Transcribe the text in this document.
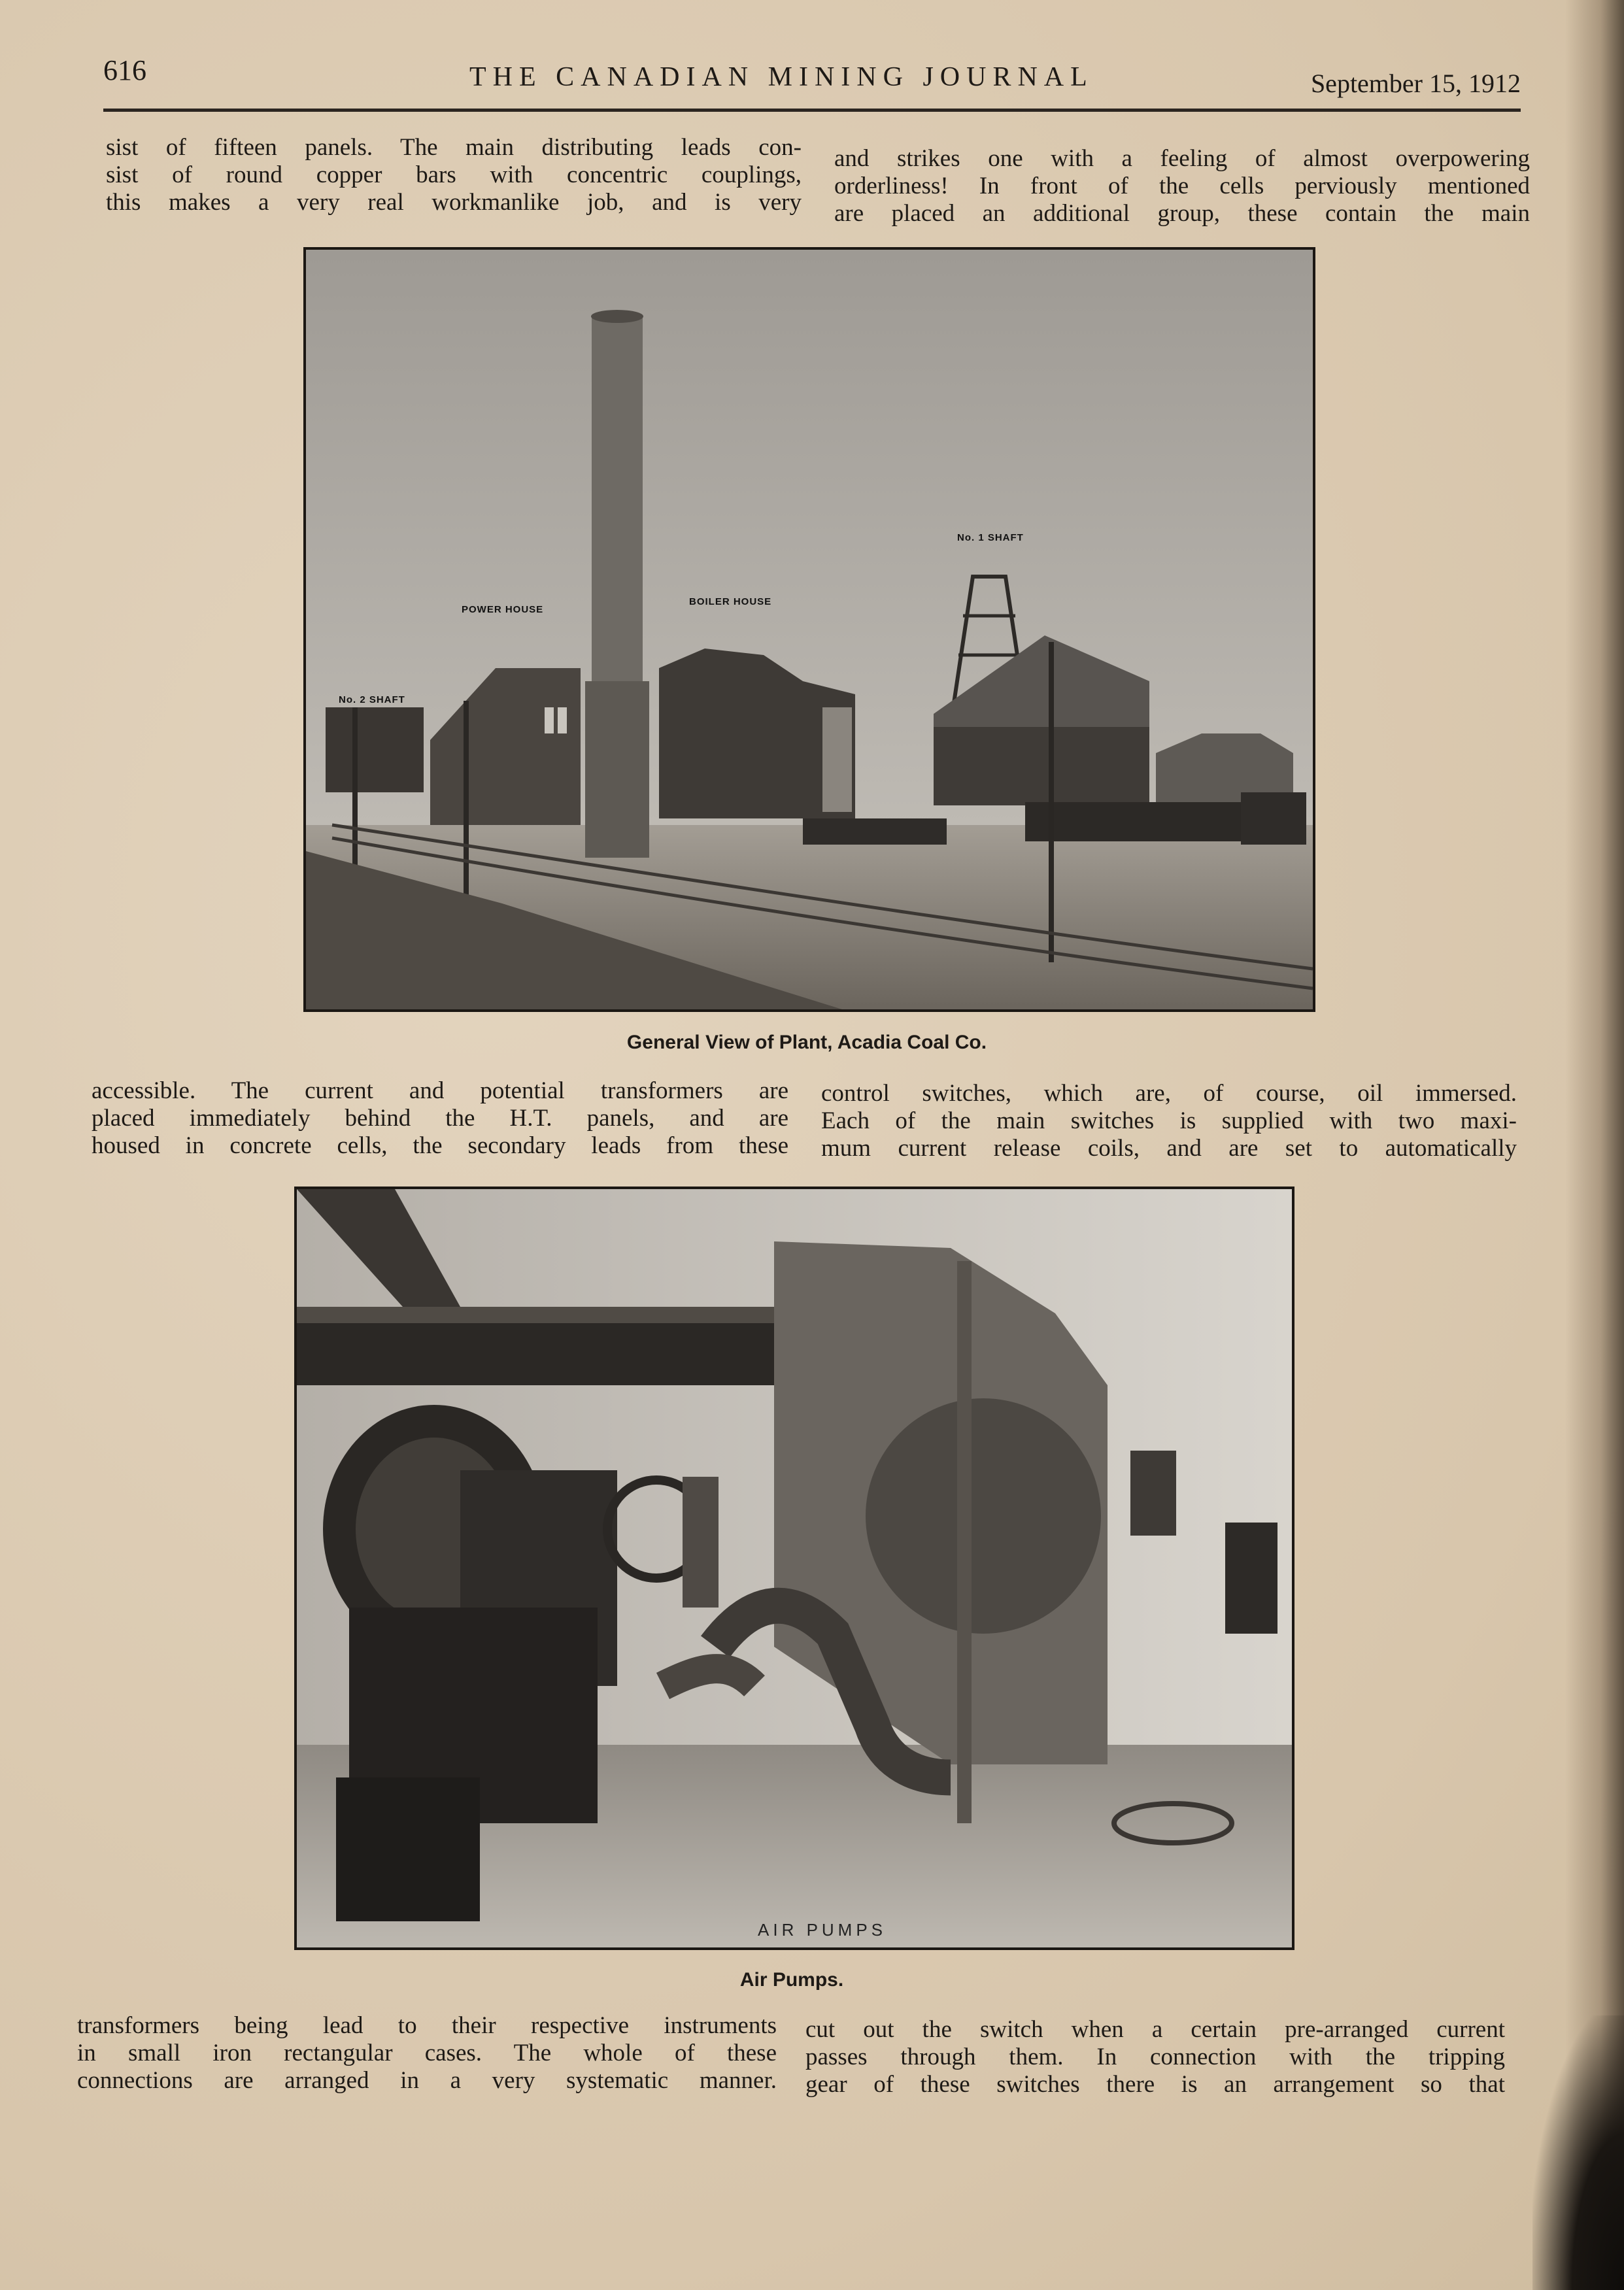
616	THE CANADIAN MINING JOURNAL	September 15, 1912
sist of fifteen panels. The main distributing leads con-
sist of round copper bars with concentric couplings,
this makes a very real workmanlike job, and is very
and strikes one with a feeling of almost overpowering
orderliness! In front of the cells perviously mentioned
are placed an additional group, these contain the main
POWER HOUSE
BOILER HOUSE
No. 1 SHAFT
No. 2 SHAFT
General View of Plant, Acadia Coal Co.
accessible. The current and potential transformers are
placed immediately behind the H.T. panels, and are
housed in concrete cells, the secondary leads from these
control switches, which are, of course, oil immersed.
Each of the main switches is supplied with two maxi-
mum current release coils, and are set to automatically
AIR PUMPS
Air Pumps.
transformers being lead to their respective instruments
in small iron rectangular cases. The whole of these
connections are arranged in a very systematic manner.
cut out the switch when a certain pre-arranged current
passes through them. In connection with the tripping
gear of these switches there is an arrangement so that
